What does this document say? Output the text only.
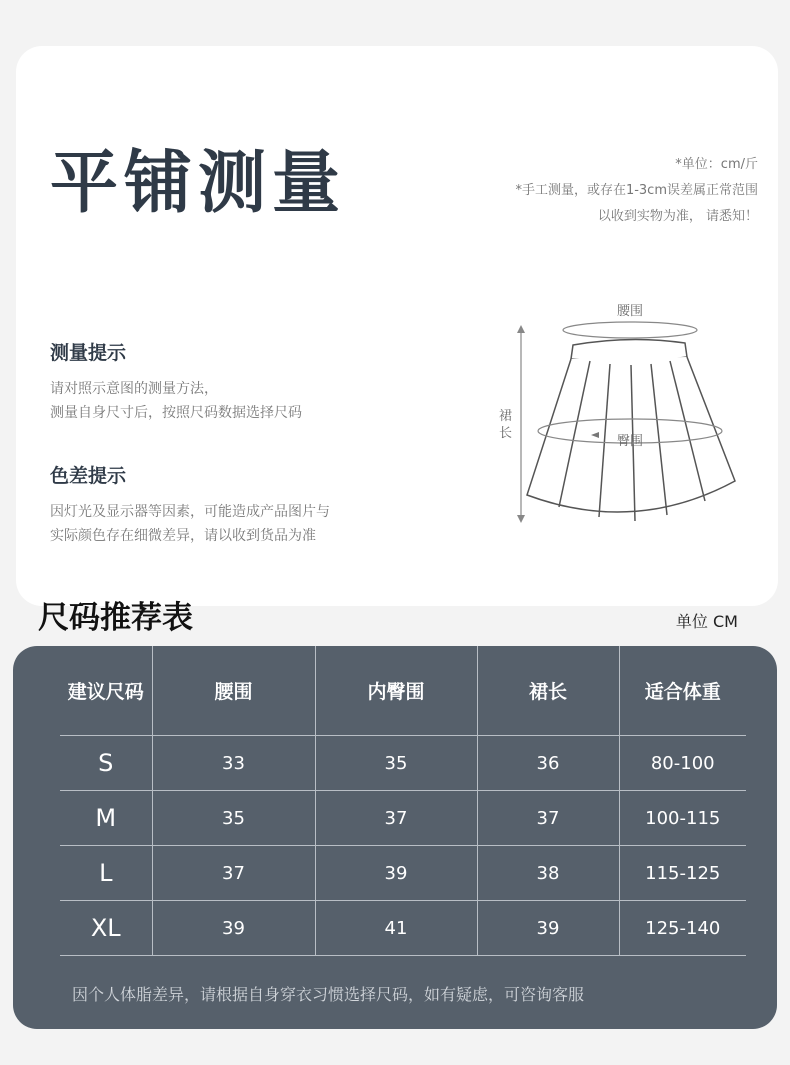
平铺测量	*单位：cm/斤
*手工测量，或存在1-3cm误差属正常范围
以收到实物为准， 请悉知！
测量提示
请对照示意图的测量方法，
测量自身尺寸后，按照尺码数据选择尺码
色差提示
因灯光及显示器等因素，可能造成产品图片与
实际颜色存在细微差异，请以收到货品为准
腰围
臀围
裙
长
尺码推荐表	单位 CM
建议尺码	腰围	内臀围	裙长	适合体重
S	33	35	36	80-100
M	35	37	37	100-115
L	37	39	38	115-125
XL	39	41	39	125-140
因个人体脂差异，请根据自身穿衣习惯选择尺码，如有疑虑，可咨询客服
